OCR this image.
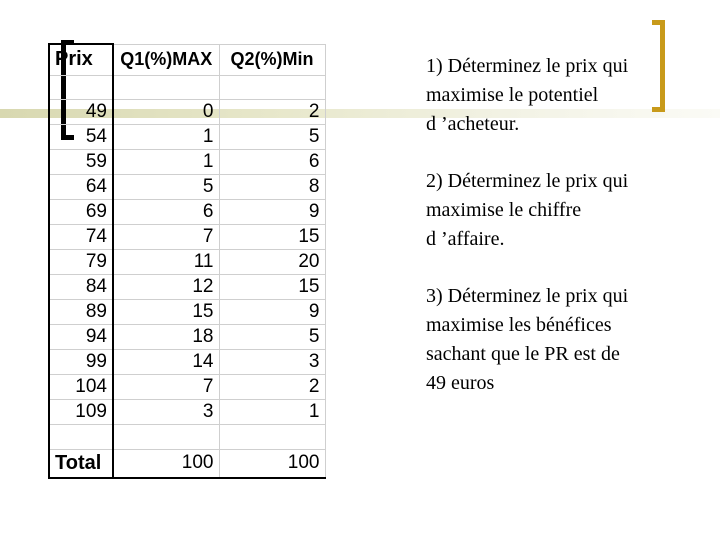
Prix	Q1(%)MAX	Q2(%)Min

49	0	2
54	1	5
59	1	6
64	5	8
69	6	9
74	7	15
79	11	20
84	12	15
89	15	9
94	18	5
99	14	3
104	7	2
109	3	1

Total	100	100

1) Déterminez le prix qui

maximise le potentiel

d ’acheteur.

2) Déterminez le prix qui

maximise le chiffre

d ’affaire.

3) Déterminez le prix qui

maximise les bénéfices

sachant que le PR est de

49 euros
